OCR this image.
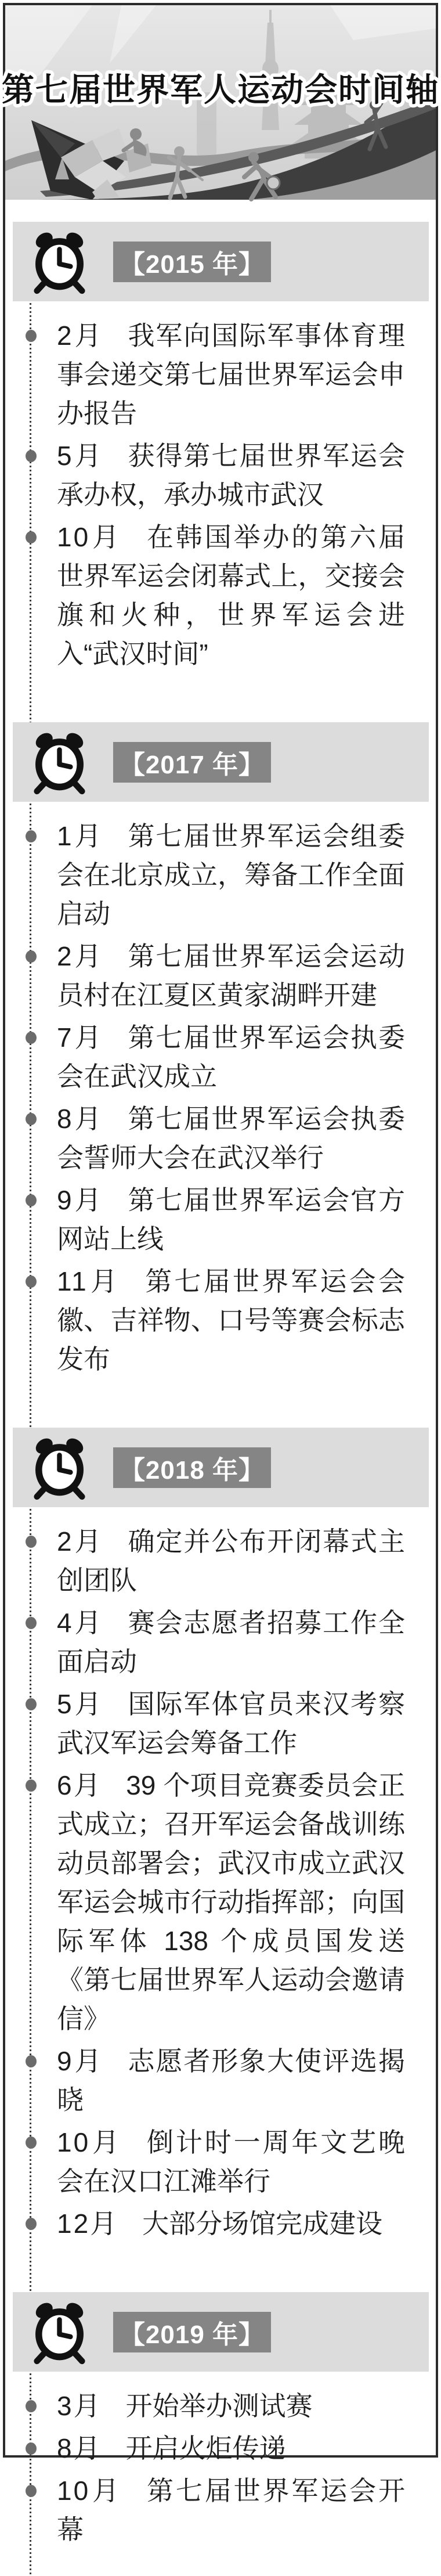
第七届世界军人运动会时间轴
【2015 年】

2月 我军向国际军事体育理事会递交第七届世界军运会申办报告

5月 获得第七届世界军运会承办权，承办城市武汉

10月 在韩国举办的第六届世界军运会闭幕式上，交接会旗和火种，世界军运会进入“武汉时间”

【2017 年】

1月 第七届世界军运会组委会在北京成立，筹备工作全面启动

2月 第七届世界军运会运动员村在江夏区黄家湖畔开建

7月 第七届世界军运会执委会在武汉成立

8月 第七届世界军运会执委会誓师大会在武汉举行

9月 第七届世界军运会官方网站上线

11月 第七届世界军运会会徽、吉祥物、口号等赛会标志发布

【2018 年】

2月 确定并公布开闭幕式主创团队

4月 赛会志愿者招募工作全面启动

5月 国际军体官员来汉考察武汉军运会筹备工作

6月 39 个项目竞赛委员会正式成立；召开军运会备战训练动员部署会；武汉市成立武汉军运会城市行动指挥部；向国际军体 138 个成员国发送《第七届世界军人运动会邀请信》

9月 志愿者形象大使评选揭晓

10月 倒计时一周年文艺晚会在汉口江滩举行

12月 大部分场馆完成建设

【2019 年】

3月 开始举办测试赛

8月 开启火炬传递

10月 第七届世界军运会开幕
